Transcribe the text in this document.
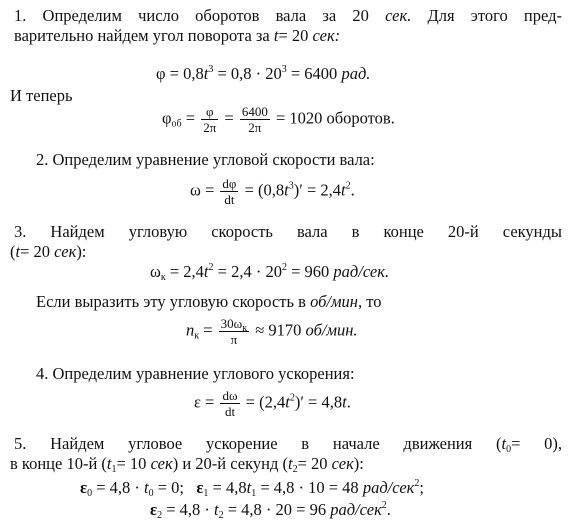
1. Определим число оборотов вала за 20 сек. Для этого пред-
варительно найдем угол поворота за t= 20 сек:
$\varphi = 0,8t^3 = 0,8 \cdot 20^3 = 6400$ рад.
И теперь
$\varphi_{об} = \frac{\varphi}{2\pi} = \frac{6400}{2\pi} = 1020$ оборотов.
2. Определим уравнение угловой скорости вала:
$\omega = \frac{d\varphi}{dt} = (0,8t^3)' = 2,4t^2$.
3. Найдем угловую скорость вала в конце 20-й секунды
(t= 20 сек):
$\omega_к = 2,4t^2 = 2,4 \cdot 20^2 = 960$ рад/сек.
Если выразить эту угловую скорость в об/мин, то
$n_к = \frac{30\omega_к}{\pi} \approx 9170$ об/мин.
4. Определим уравнение углового ускорения:
$\varepsilon = \frac{d\omega}{dt} = (2,4t^2)' = 4,8t$.
5. Найдем угловое ускорение в начале движения $(t_0= 0)$,
в конце 10-й ($t_1= 10$ сек) и 20-й секунд ($t_2= 20$ сек):
$\varepsilon_0 = 4,8 \cdot t_0 = 0$; $\varepsilon_1 = 4,8t_1 = 4,8 \cdot 10 = 48$ рад/сек$^2$;
$\varepsilon_2 = 4,8 \cdot t_2 = 4,8 \cdot 20 = 96$ рад/сек$^2$.
